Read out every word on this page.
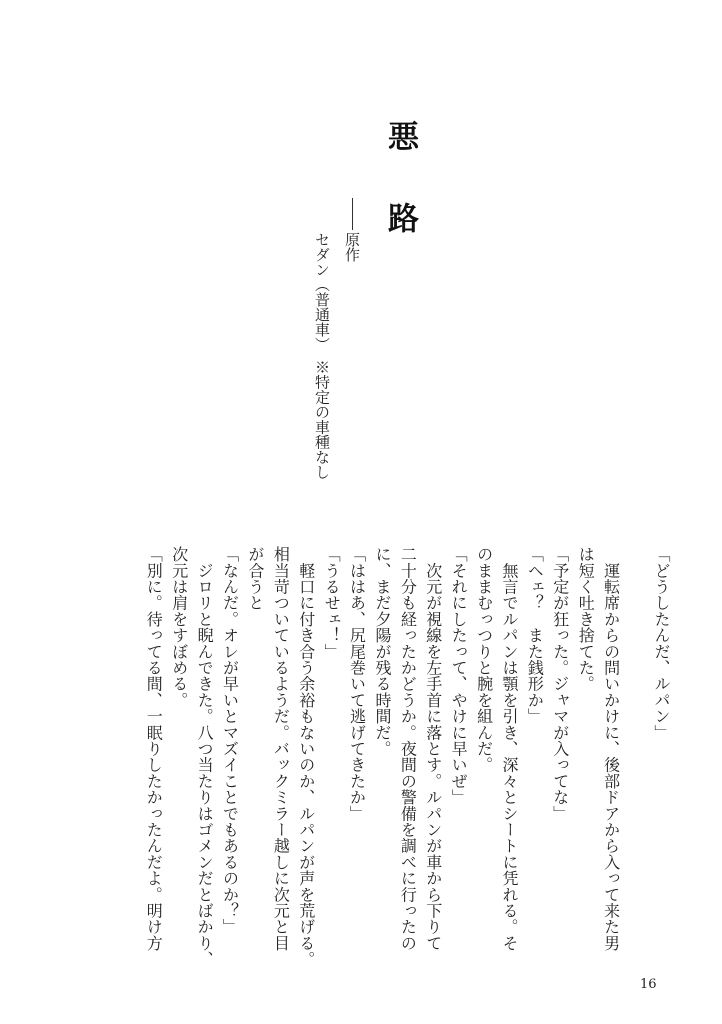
悪　路
原作
セダン（普通車）　※特定の車種なし
「どうしたんだ、ルパン」
　運転席からの問いかけに、後部ドアから入って来た男
は短く吐き捨てた。
「予定が狂った。ジャマが入ってな」
「ヘェ？　また銭形か」
　無言でルパンは顎を引き、深々とシートに凭れる。そ
のままむっつりと腕を組んだ。
「それにしたって、やけに早いぜ」
　次元が視線を左手首に落とす。ルパンが車から下りて
二十分も経ったかどうか。夜間の警備を調べに行ったの
に、まだ夕陽が残る時間だ。
「ははあ、尻尾巻いて逃げてきたか」
「うるせェ！」
　軽口に付き合う余裕もないのか、ルパンが声を荒げる。
相当苛ついているようだ。バックミラー越しに次元と目
が合うと
「なんだ。オレが早いとマズイことでもあるのか？」
　ジロリと睨んできた。八つ当たりはゴメンだとばかり、
次元は肩をすぼめる。
「別に。待ってる間、一眠りしたかったんだよ。明け方
16
